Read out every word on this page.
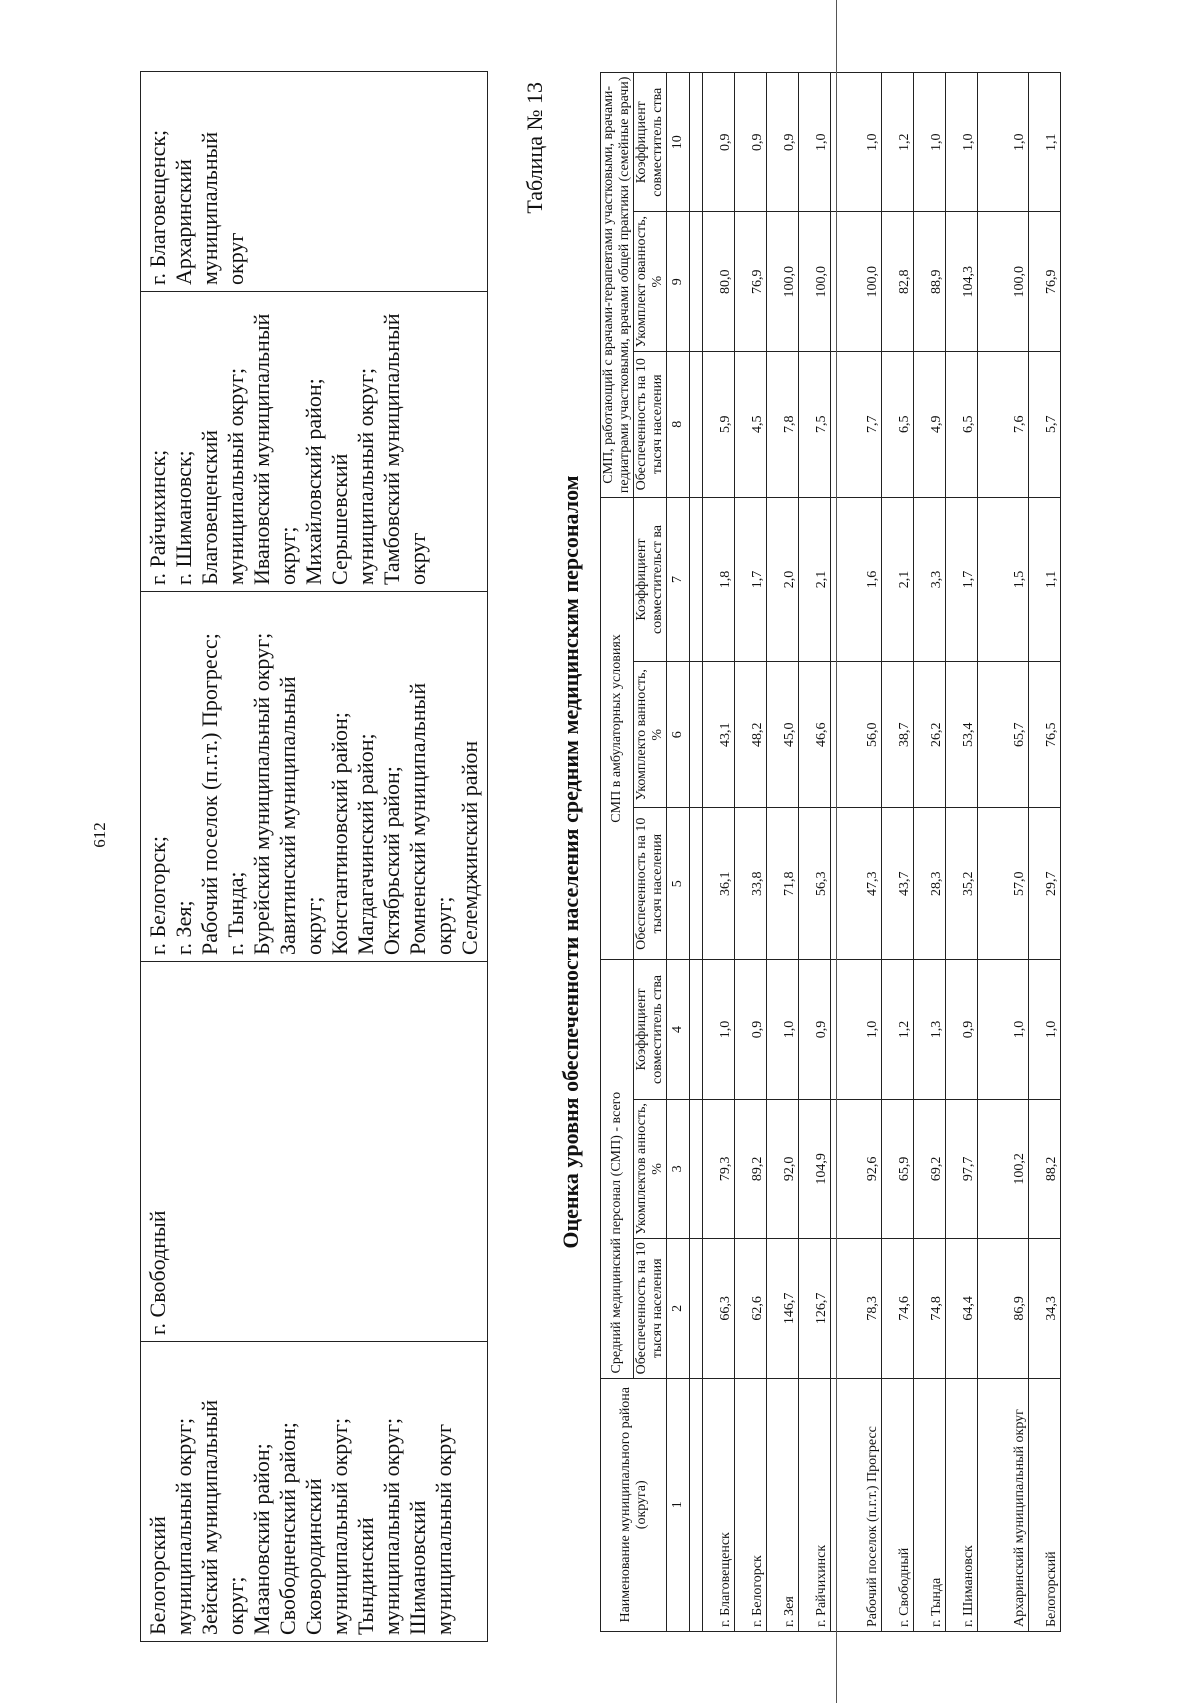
612
Белогорский
муниципальный округ;
Зейский муниципальный
округ;
Мазановский район;
Свободненский район;
Сковородинский
муниципальный округ;
Тындинский
муниципальный округ;
Шимановский
муниципальный округ

г. Свободный

г. Белогорск;
г. Зея;
Рабочий поселок (п.г.т.) Прогресс;
г. Тында;
Бурейский муниципальный округ;
Завитинский муниципальный
округ;
Константиновский район;
Магдагачинский район;
Октябрьский район;
Ромненский муниципальный
округ;
Селемджинский район

г. Райчихинск;
г. Шимановск;
Благовещенский
муниципальный округ;
Ивановский муниципальный
округ;
Михайловский район;
Серышевский
муниципальный округ;
Тамбовский муниципальный
округ

г. Благовещенск;
Архаринский
муниципальный округ
Таблица № 13
Оценка уровня обеспеченности населения средним медицинским персоналом
Наименование муниципального района (округа)	Средний медицинский персонал (СМП) - всего			СМП в амбулаторных условиях			СМП, работающий с врачами-терапевтами участковыми, врачами-педиатрами участковыми, врачами общей практики (семейные врачи)		
	Обеспеченность на 10 тысяч населения	Укомплектов анность, %	Коэффициент совместитель ства	Обеспеченность на 10 тысяч населения	Укомплекто ванность, %	Коэффициент совместительст ва	Обеспеченность на 10 тысяч населения	Укомплект ованность, %	Коэффициент совместитель ства
1	2	3	4	5	6	7	8	9	10

г. Благовещенск	66,3	79,3	1,0	36,1	43,1	1,8	5,9	80,0	0,9
г. Белогорск	62,6	89,2	0,9	33,8	48,2	1,7	4,5	76,9	0,9
г. Зея	146,7	92,0	1,0	71,8	45,0	2,0	7,8	100,0	0,9
г. Райчихинск	126,7	104,9	0,9	56,3	46,6	2,1	7,5	100,0	1,0
Рабочий поселок (п.г.т.) Прогресс	78,3	92,6	1,0	47,3	56,0	1,6	7,7	100,0	1,0
г. Свободный	74,6	65,9	1,2	43,7	38,7	2,1	6,5	82,8	1,2
г. Тында	74,8	69,2	1,3	28,3	26,2	3,3	4,9	88,9	1,0
г. Шимановск	64,4	97,7	0,9	35,2	53,4	1,7	6,5	104,3	1,0
Архаринский муниципальный округ	86,9	100,2	1,0	57,0	65,7	1,5	7,6	100,0	1,0
Белогорский	34,3	88,2	1,0	29,7	76,5	1,1	5,7	76,9	1,1
